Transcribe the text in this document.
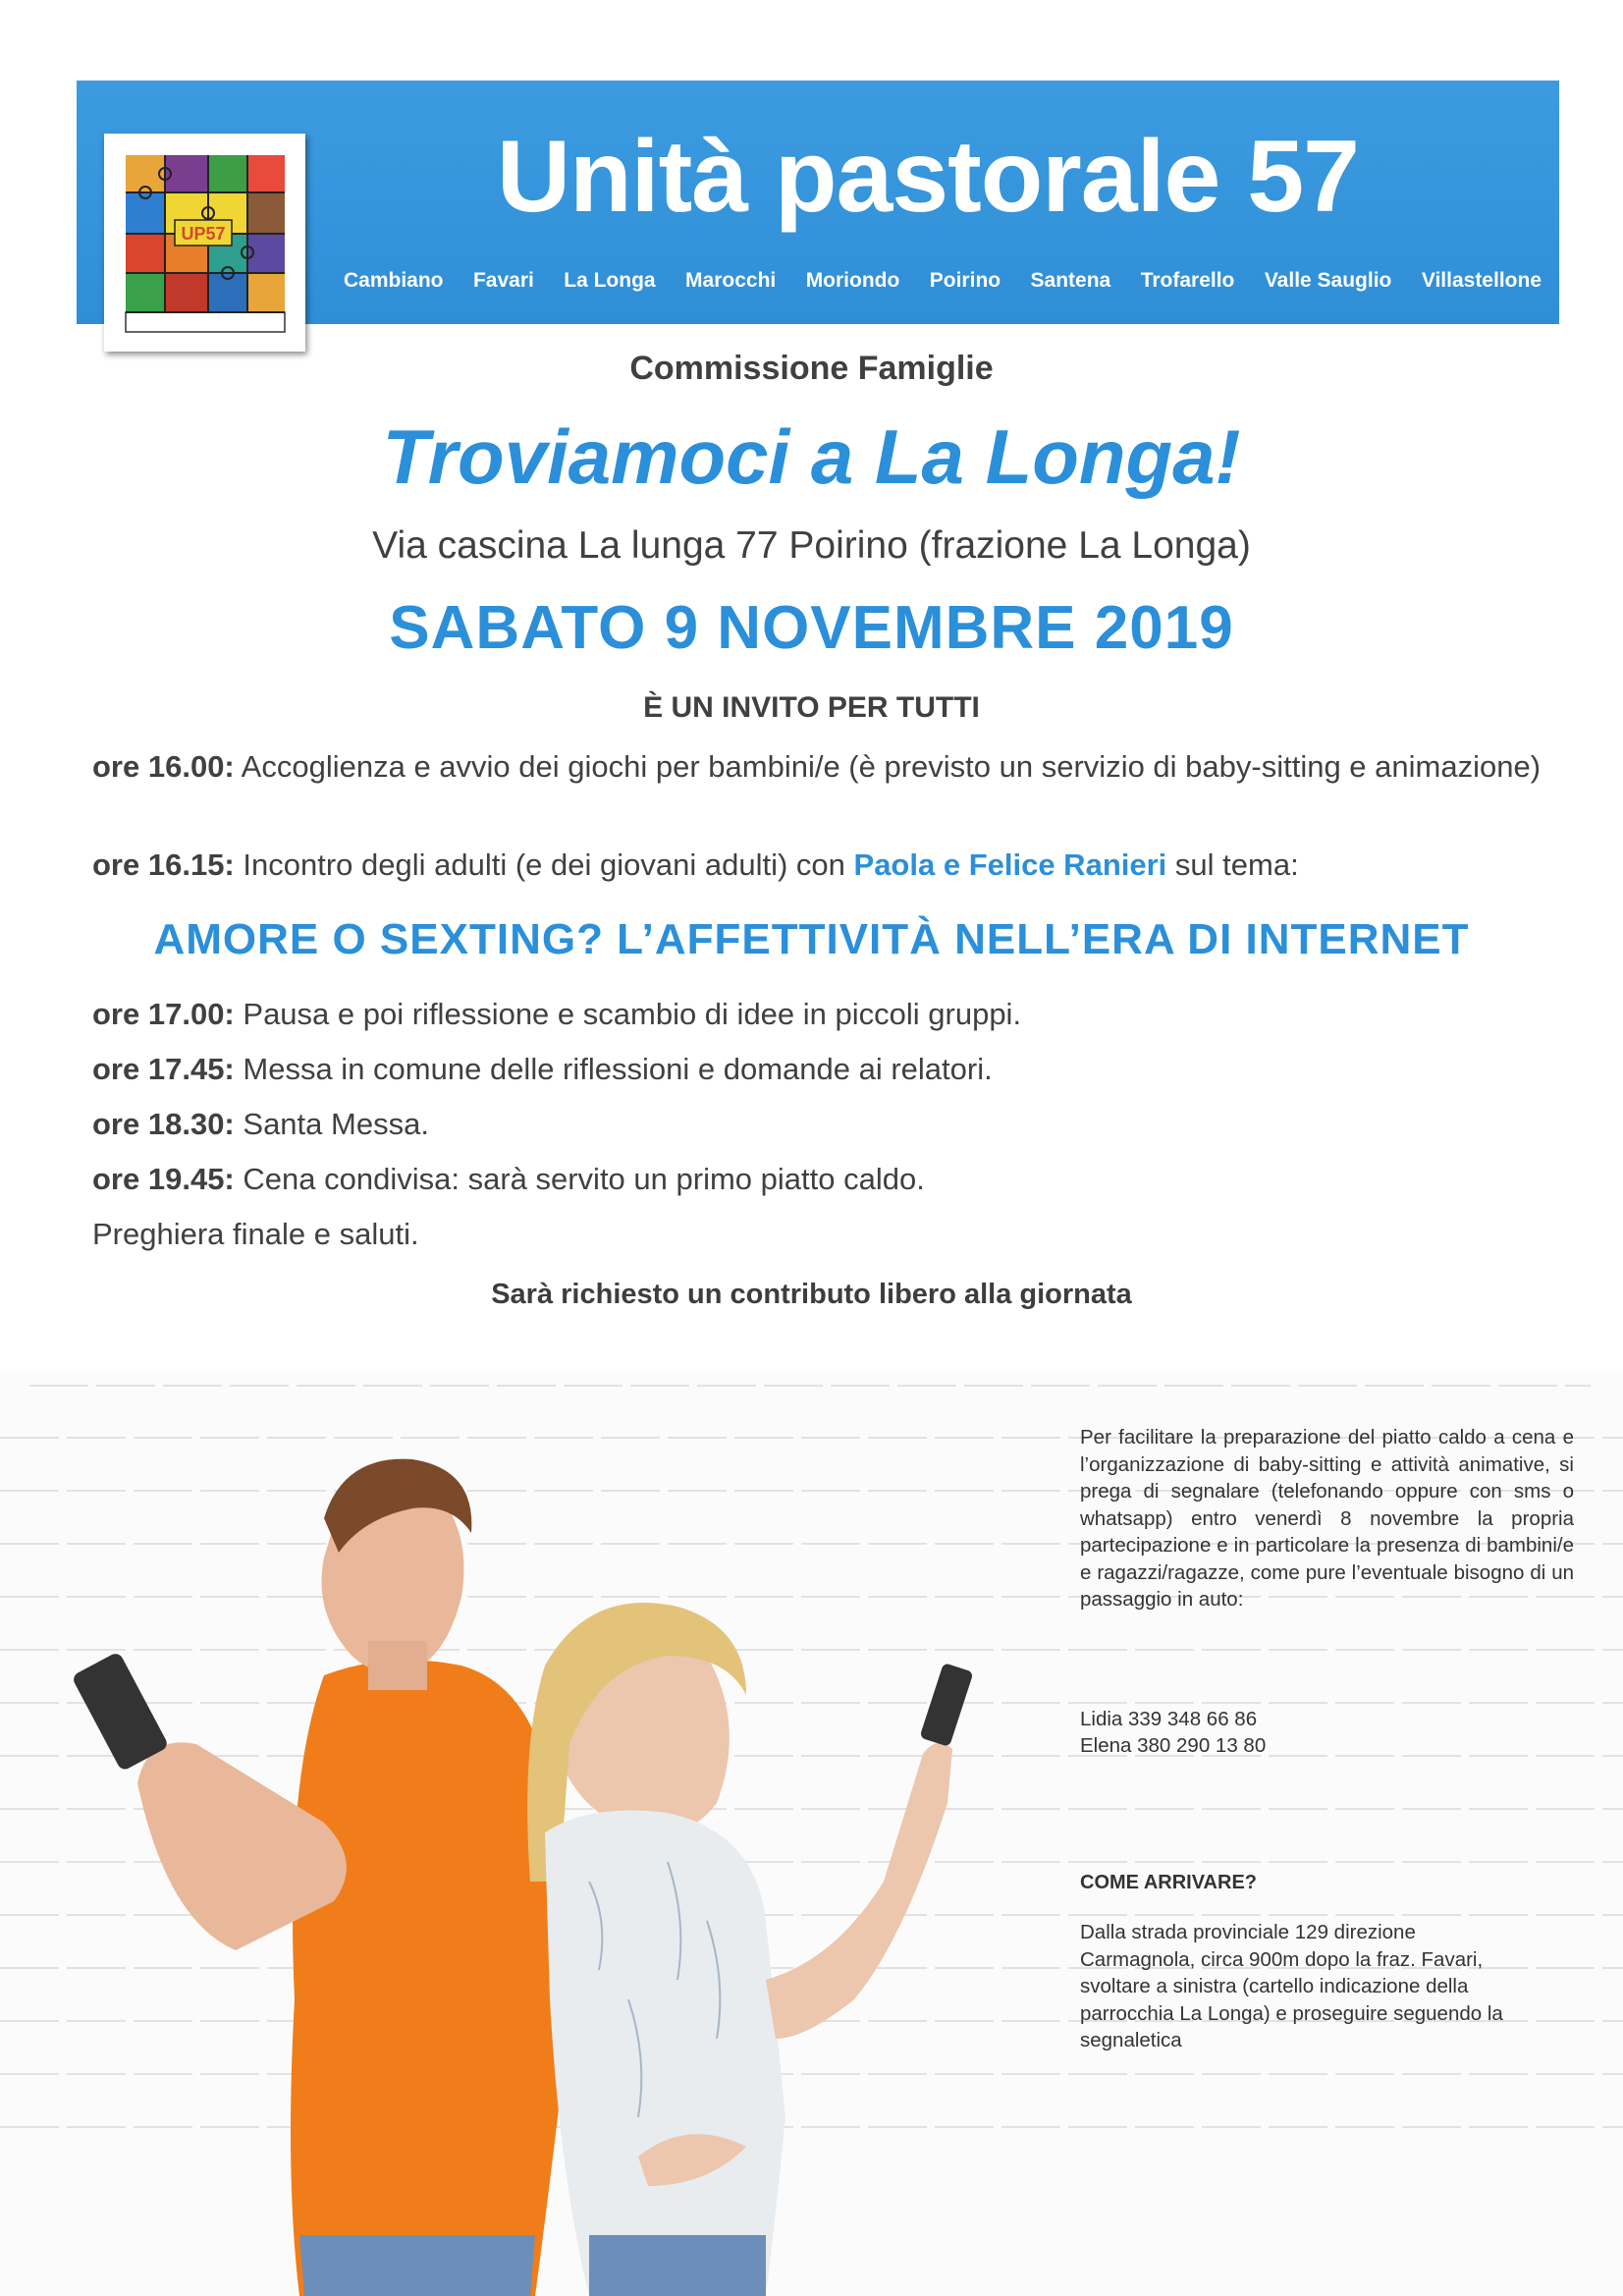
UP57	Unità pastorale 57
Cambiano Favari La Longa Marocchi Moriondo Poirino Santena Trofarello Valle Sauglio Villastellone
Commissione Famiglie
Troviamoci a La Longa!
Via cascina La lunga 77 Poirino (frazione La Longa)
SABATO 9 NOVEMBRE 2019
È UN INVITO PER TUTTI
ore 16.00: Accoglienza e avvio dei giochi per bambini/e (è previsto un servizio di baby-sitting e animazione)
ore 16.15: Incontro degli adulti (e dei giovani adulti) con Paola e Felice Ranieri sul tema:
AMORE O SEXTING? L’AFFETTIVITÀ NELL’ERA DI INTERNET
ore 17.00: Pausa e poi riflessione e scambio di idee in piccoli gruppi.
ore 17.45: Messa in comune delle riflessioni e domande ai relatori.
ore 18.30: Santa Messa.
ore 19.45: Cena condivisa: sarà servito un primo piatto caldo.
Preghiera finale e saluti.
Sarà richiesto un contributo libero alla giornata
Per facilitare la preparazione del piatto caldo a cena e l’organizzazione di baby-sitting e attività animative, si prega di segnalare (telefonando oppure con sms o whatsapp) entro venerdì 8 novembre la propria partecipazione e in particolare la presenza di bambini/e e ragazzi/ragazze, come pure l’eventuale bisogno di un passaggio in auto:
Lidia 339 348 66 86
Elena 380 290 13 80
COME ARRIVARE?
Dalla strada provinciale 129 direzione Carmagnola, circa 900m dopo la fraz. Favari, svoltare a sinistra (cartello indicazione della parrocchia La Longa) e proseguire seguendo la segnaletica
